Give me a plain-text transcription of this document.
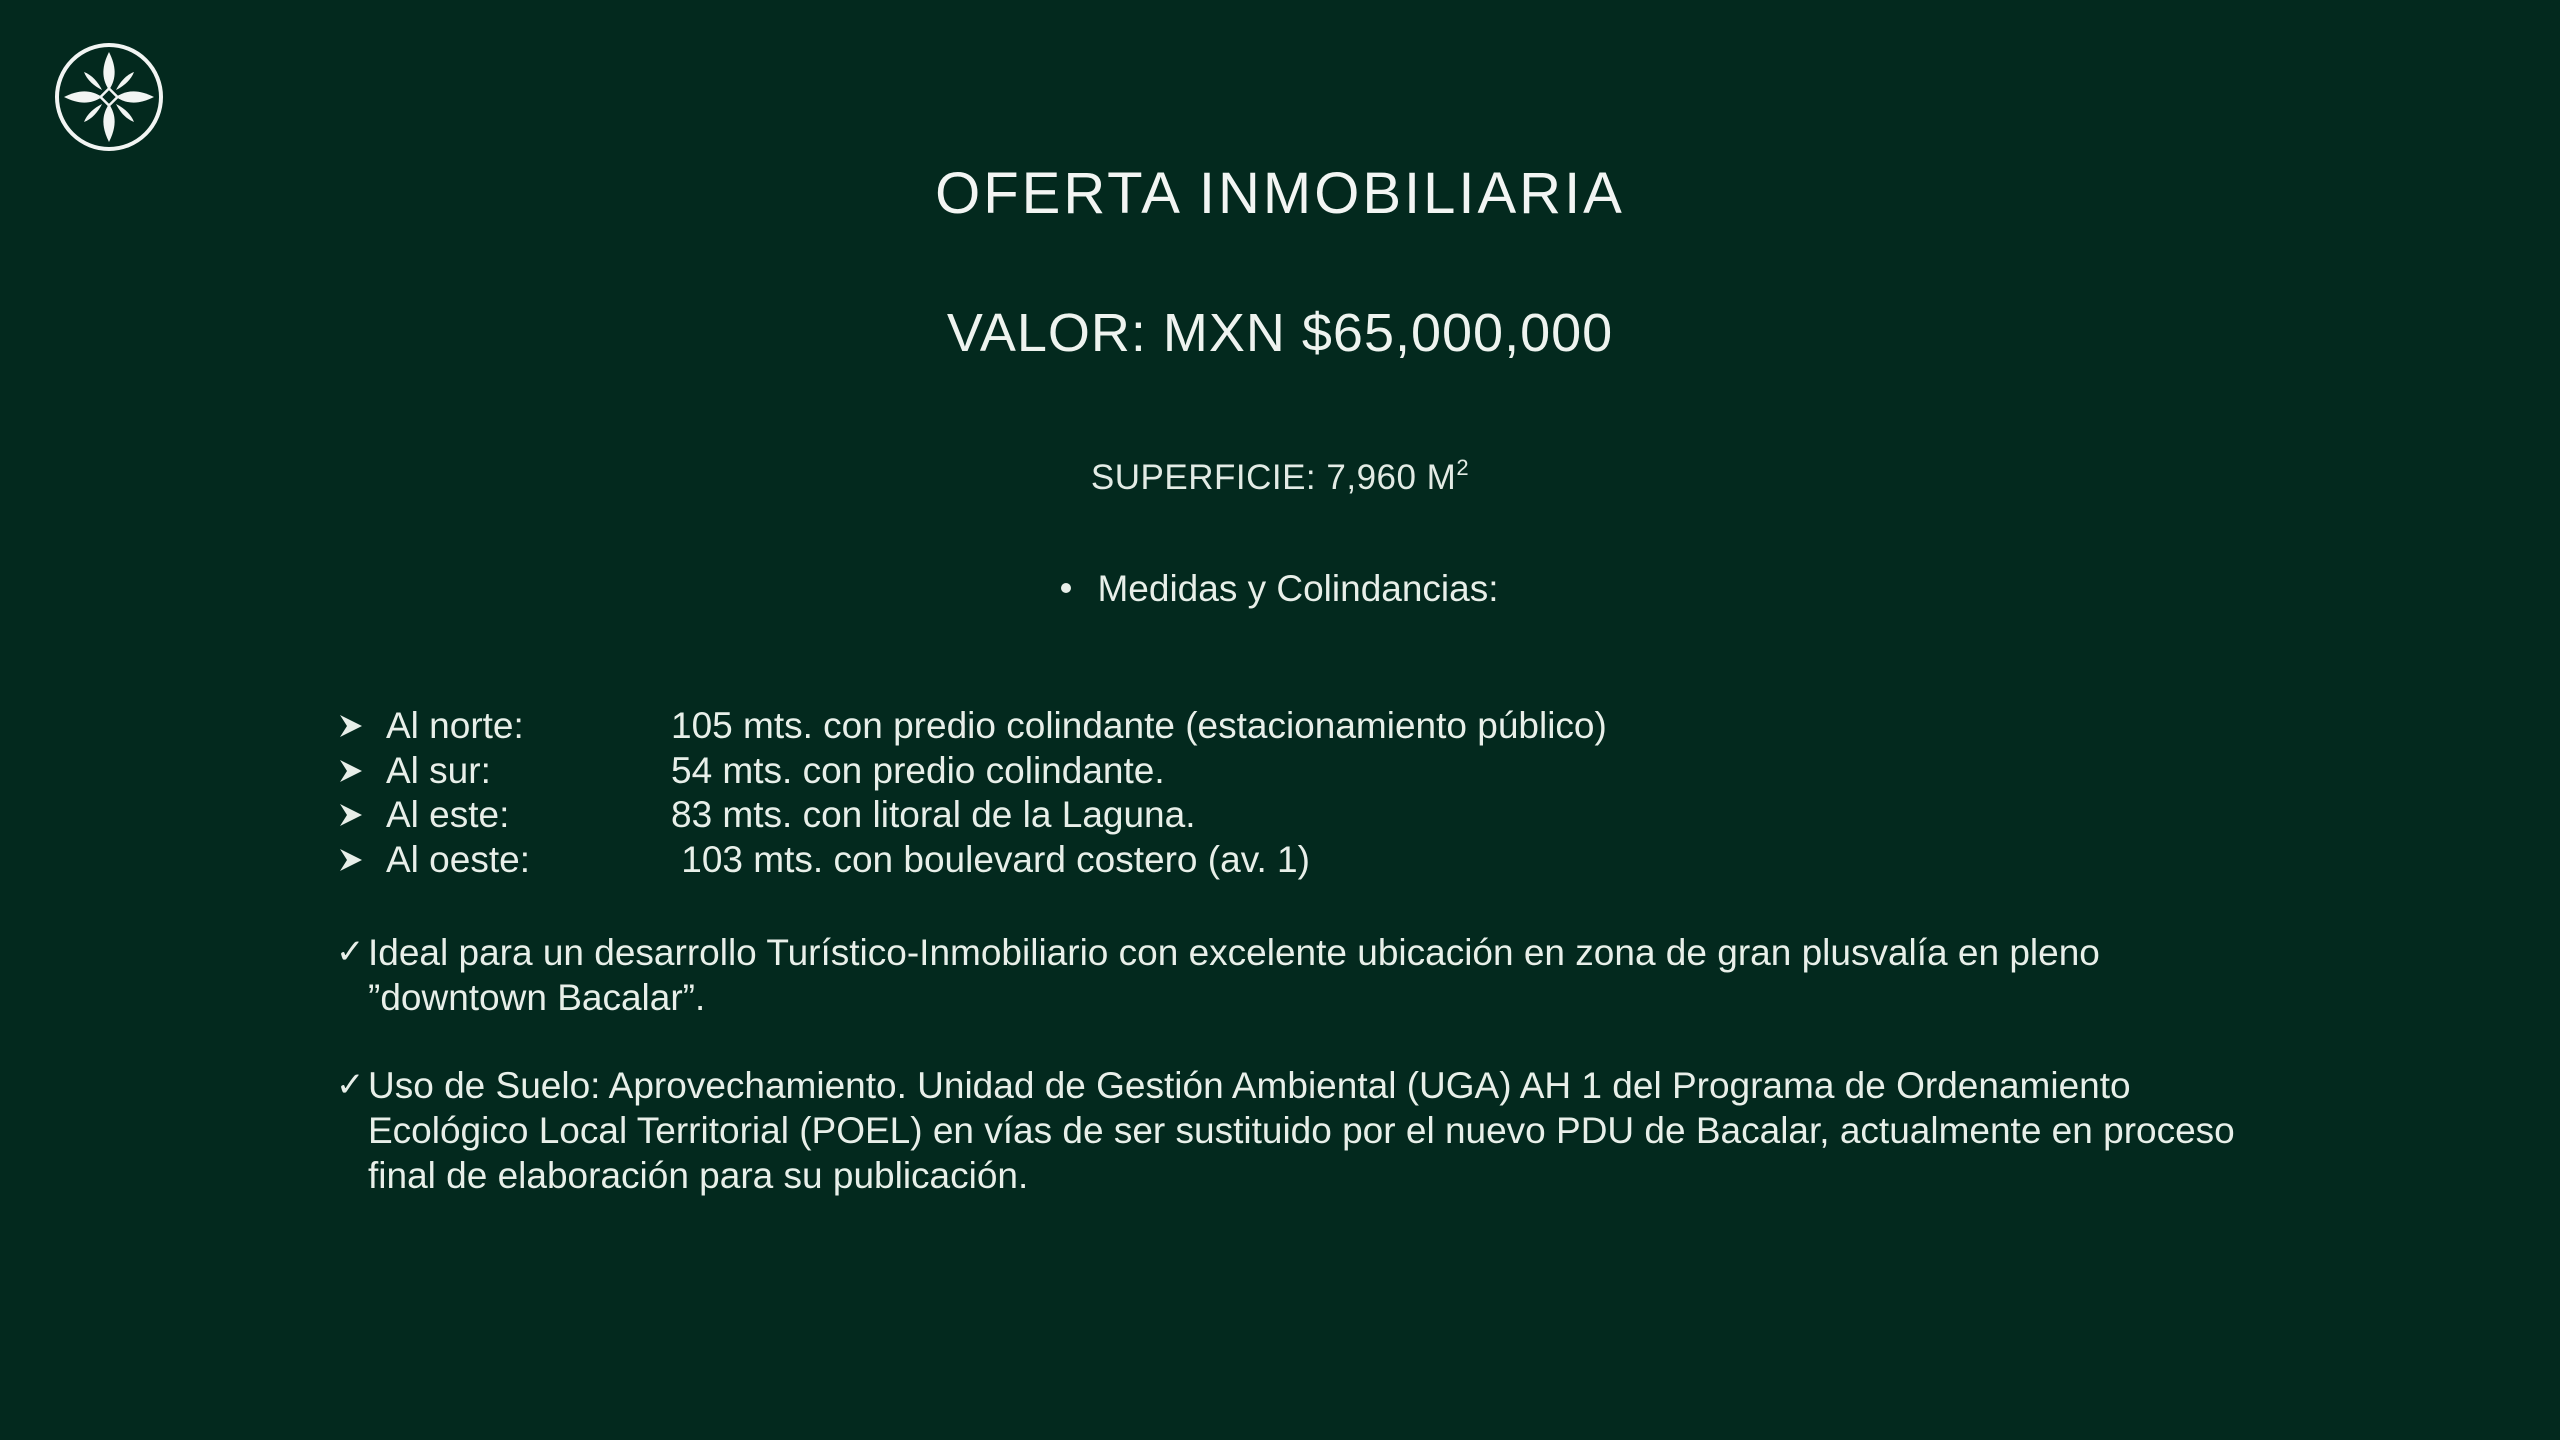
OFERTA INMOBILIARIA
VALOR: MXN $65,000,000
SUPERFICIE: 7,960 $M^2$
Medidas y Colindancias:
Al norte:	105 mts. con predio colindante (estacionamiento público)
Al sur:	54 mts. con predio colindante.
Al este:	83 mts. con litoral de la Laguna.
Al oeste:	103 mts. con boulevard costero (av. 1)
✓ Ideal para un desarrollo Turístico-Inmobiliario con excelente ubicación en zona de gran plusvalía en pleno ”downtown Bacalar”.
✓ Uso de Suelo: Aprovechamiento. Unidad de Gestión Ambiental (UGA) AH 1 del Programa de Ordenamiento Ecológico Local Territorial (POEL) en vías de ser sustituido por el nuevo PDU de Bacalar, actualmente en proceso final de elaboración para su publicación.
